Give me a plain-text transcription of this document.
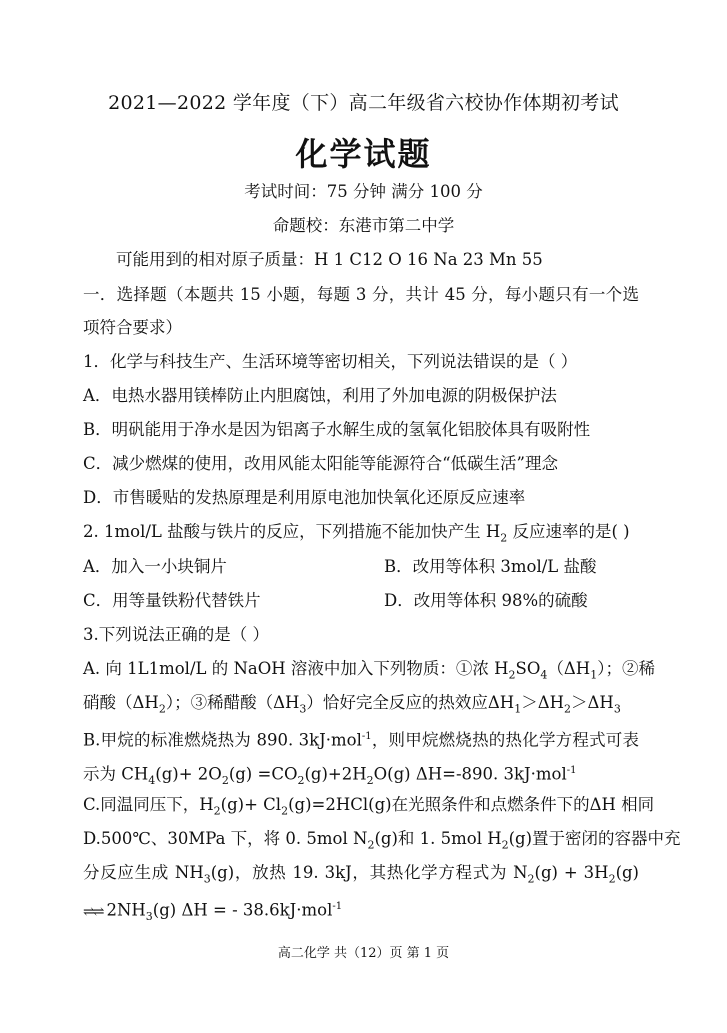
2021—2022 学年度（下）高二年级省六校协作体期初考试
化学试题
考试时间：75 分钟 满分 100 分
命题校：东港市第二中学
可能用到的相对原子质量：H 1 C12 O 16 Na 23 Mn 55
一．选择题（本题共 15 小题，每题 3 分，共计 45 分，每小题只有一个选
项符合要求）
1．化学与科技生产、生活环境等密切相关，下列说法错误的是（ ）
A．电热水器用镁棒防止内胆腐蚀，利用了外加电源的阴极保护法
B．明矾能用于净水是因为铝离子水解生成的氢氧化铝胶体具有吸附性
C．减少燃煤的使用，改用风能太阳能等能源符合“低碳生活”理念
D．市售暖贴的发热原理是利用原电池加快氧化还原反应速率
2. 1mol/L 盐酸与铁片的反应，下列措施不能加快产生 $H_2$ 反应速率的是( )
A．加入一小块铜片	B．改用等体积 3mol/L 盐酸
C．用等量铁粉代替铁片	D．改用等体积 98%的硫酸
3.下列说法正确的是（ ）
A. 向 1L1mol/L 的 NaOH 溶液中加入下列物质：①浓 $H_2SO_4(\Delta H_1)$；②稀
硝酸$(\Delta H_2)$；③稀醋酸$(\Delta H_3)$恰好完全反应的热效应$\Delta H_1>\Delta H_2>\Delta H_3$
B.甲烷的标准燃烧热为 890. 3kJ·mol$^{-1}$，则甲烷燃烧热的热化学方程式可表
示为 $CH_4(g)+ 2O_2(g) =CO_2(g)+2H_2O(g)$ ΔH=-890. 3kJ·mol$^{-1}$
C.同温同压下，$H_2(g)+ Cl_2(g)=2HCl(g)$在光照条件和点燃条件下的ΔH 相同
D.500℃、30MPa 下，将 0. 5mol $N_2(g)$和 1. 5mol $H_2(g)$置于密闭的容器中充
分反应生成 $NH_3(g)$，放热 19. 3kJ，其热化学方程式为 $N_2(g) + 3H_2(g)$
⇌⇌ $2NH_3(g) \Delta H$ = - 38.6kJ·mol$^{-1}$
高二化学 共（12）页 第 1 页
